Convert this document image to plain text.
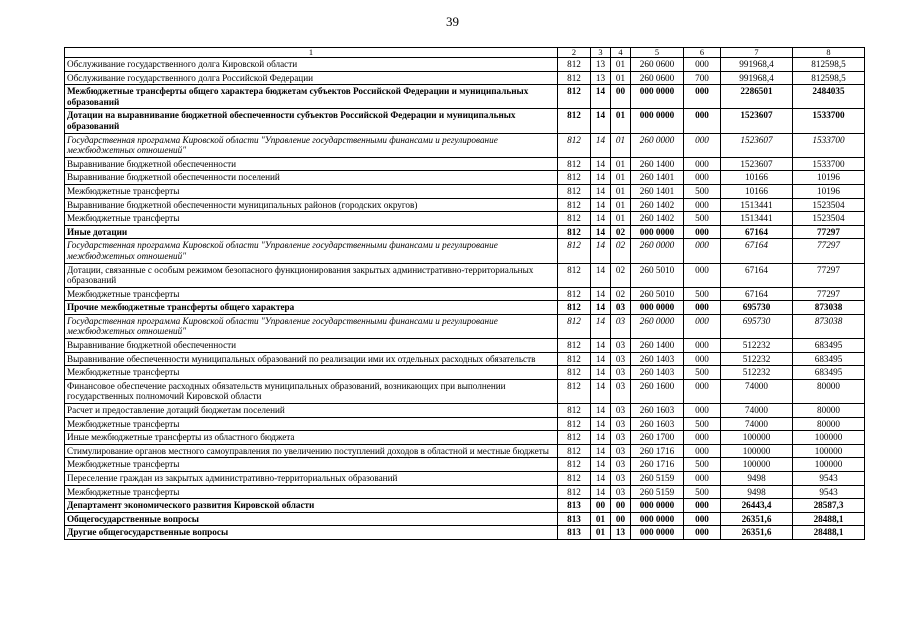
39
1	2	3	4	5	6	7	8
Обслуживание государственного долга Кировской области	812	13	01	260 0600	000	991968,4	812598,5
Обслуживание государственного долга Российской Федерации	812	13	01	260 0600	700	991968,4	812598,5
Межбюджетные трансферты общего характера бюджетам субъектов Российской Федерации и муниципальных образований	812	14	00	000 0000	000	2286501	2484035
Дотации на выравнивание бюджетной обеспеченности субъектов Российской Федерации и муниципальных образований	812	14	01	000 0000	000	1523607	1533700
Государственная программа Кировской области "Управление государственными финансами и регулирование межбюджетных отношений"	812	14	01	260 0000	000	1523607	1533700
Выравнивание бюджетной обеспеченности	812	14	01	260 1400	000	1523607	1533700
Выравнивание бюджетной обеспеченности поселений	812	14	01	260 1401	000	10166	10196
Межбюджетные трансферты	812	14	01	260 1401	500	10166	10196
Выравнивание бюджетной обеспеченности муниципальных районов (городских округов)	812	14	01	260 1402	000	1513441	1523504
Межбюджетные трансферты	812	14	01	260 1402	500	1513441	1523504
Иные дотации	812	14	02	000 0000	000	67164	77297
Государственная программа Кировской области "Управление государственными финансами и регулирование межбюджетных отношений"	812	14	02	260 0000	000	67164	77297
Дотации, связанные с особым режимом безопасного функционирования закрытых административно-территориальных образований	812	14	02	260 5010	000	67164	77297
Межбюджетные трансферты	812	14	02	260 5010	500	67164	77297
Прочие межбюджетные трансферты общего характера	812	14	03	000 0000	000	695730	873038
Государственная программа Кировской области "Управление государственными финансами и регулирование межбюджетных отношений"	812	14	03	260 0000	000	695730	873038
Выравнивание бюджетной обеспеченности	812	14	03	260 1400	000	512232	683495
Выравнивание обеспеченности муниципальных образований по реализации ими их отдельных расходных обязательств	812	14	03	260 1403	000	512232	683495
Межбюджетные трансферты	812	14	03	260 1403	500	512232	683495
Финансовое обеспечение расходных обязательств муниципальных образований, возникающих при выполнении государственных полномочий Кировской области	812	14	03	260 1600	000	74000	80000
Расчет и предоставление дотаций бюджетам поселений	812	14	03	260 1603	000	74000	80000
Межбюджетные трансферты	812	14	03	260 1603	500	74000	80000
Иные межбюджетные трансферты из областного бюджета	812	14	03	260 1700	000	100000	100000
Стимулирование органов местного самоуправления по увеличению поступлений доходов в областной и местные бюджеты	812	14	03	260 1716	000	100000	100000
Межбюджетные трансферты	812	14	03	260 1716	500	100000	100000
Переселение граждан из закрытых административно-территориальных образований	812	14	03	260 5159	000	9498	9543
Межбюджетные трансферты	812	14	03	260 5159	500	9498	9543
Департамент экономического развития Кировской области	813	00	00	000 0000	000	26443,4	28587,3
Общегосударственные вопросы	813	01	00	000 0000	000	26351,6	28488,1
Другие общегосударственные вопросы	813	01	13	000 0000	000	26351,6	28488,1
